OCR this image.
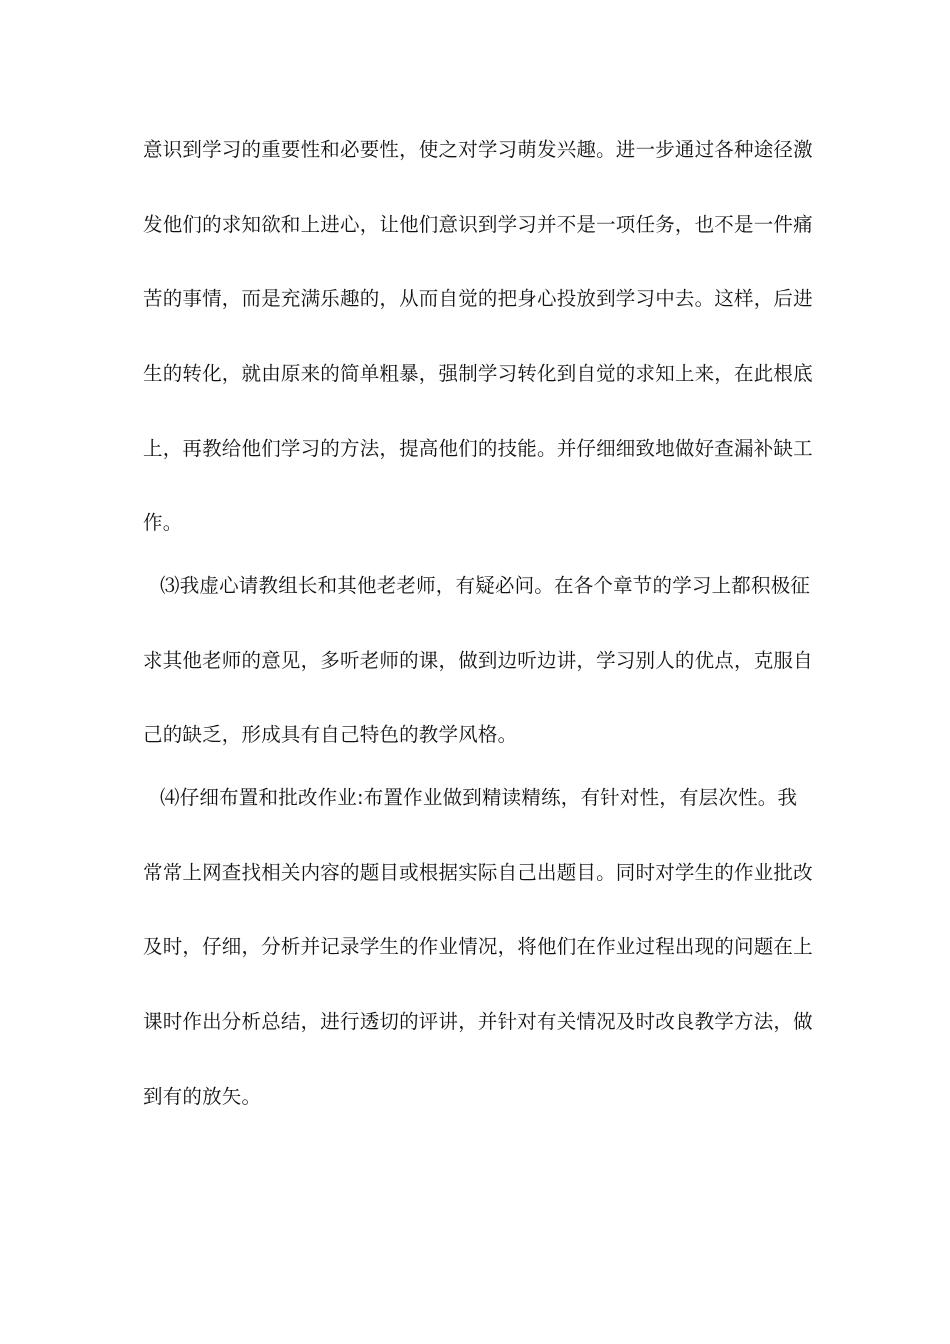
意识到学习的重要性和必要性，使之对学习萌发兴趣。进一步通过各种途径激
发他们的求知欲和上进心，让他们意识到学习并不是一项任务，也不是一件痛
苦的事情，而是充满乐趣的，从而自觉的把身心投放到学习中去。这样，后进
生的转化，就由原来的简单粗暴，强制学习转化到自觉的求知上来，在此根底
上，再教给他们学习的方法，提高他们的技能。并仔细细致地做好查漏补缺工
作。
⑶我虚心请教组长和其他老老师，有疑必问。在各个章节的学习上都积极征
求其他老师的意见，多听老师的课，做到边听边讲，学习别人的优点，克服自
己的缺乏，形成具有自己特色的教学风格。
⑷仔细布置和批改作业:布置作业做到精读精练，有针对性，有层次性。我
常常上网查找相关内容的题目或根据实际自己出题目。同时对学生的作业批改
及时，仔细，分析并记录学生的作业情况，将他们在作业过程出现的问题在上
课时作出分析总结，进行透切的评讲，并针对有关情况及时改良教学方法，做
到有的放矢。
